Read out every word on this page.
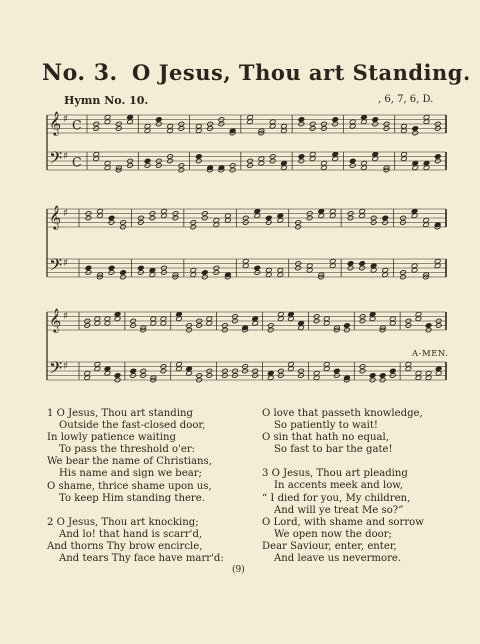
No. 3. O Jesus, Thou art Standing.
Hymn No. 10.	, 6, 7, 6, D.
𝄞 ♯ C
𝄢 ♯ C
𝄞 ♯
𝄢 ♯
𝄞 ♯
𝄢 ♯
A-MEN.
1 O Jesus, Thou art standing
Outside the fast-closed door,
In lowly patience waiting
To pass the threshold o'er:
We bear the name of Christians,
His name and sign we bear;
O shame, thrice shame upon us,
To keep Him standing there.
2 O Jesus, Thou art knocking;
And lo! that hand is scarr'd,
And thorns Thy brow encircle,
And tears Thy face have marr'd:
O love that passeth knowledge,
So patiently to wait!
O sin that hath no equal,
So fast to bar the gate!
3 O Jesus, Thou art pleading
In accents meek and low,
“ I died for you, My children,
And will ye treat Me so?”
O Lord, with shame and sorrow
We open now the door;
Dear Saviour, enter, enter,
And leave us nevermore.
(9)
